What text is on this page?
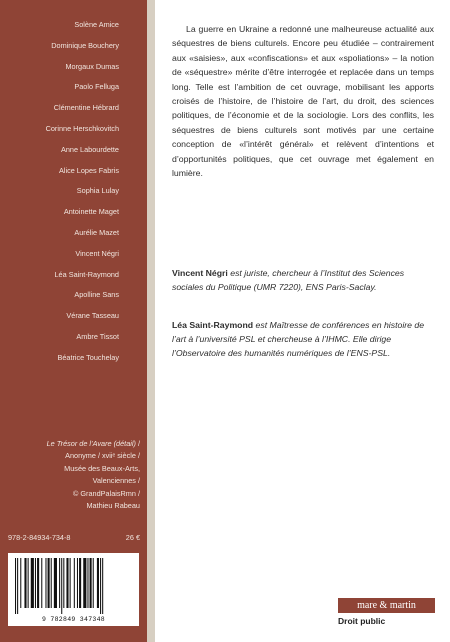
Solène Amice
Dominique Bouchery
Morgaux Dumas
Paolo Felluga
Clémentine Hébrard
Corinne Herschkovitch
Anne Labourdette
Alice Lopes Fabris
Sophia Lulay
Antoinette Maget
Aurélie Mazet
Vincent Négri
Léa Saint-Raymond
Apolline Sans
Vérane Tasseau
Ambre Tissot
Béatrice Touchelay
Le Trésor de l’Avare (détail) /
Anonyme / xviiᵉ siècle /
Musée des Beaux-Arts,
Valenciennes /
© GrandPalaisRmn /
Mathieu Rabeau
978-2-84934-734-8	26 €
9 782849 347348

La guerre en Ukraine a redonné une malheureuse actualité aux séquestres de biens culturels. Encore peu étudiée – contrairement aux «saisies», aux «confiscations» et aux «spoliations» – la notion de «séquestre» mérite d’être interrogée et replacée dans un temps long. Telle est l’ambition de cet ouvrage, mobilisant les apports croisés de l’histoire, de l’histoire de l’art, du droit, des sciences politiques, de l’économie et de la sociologie. Lors des conflits, les séquestres de biens culturels sont motivés par une certaine conception de «l’intérêt général» et relèvent d’intentions et d’opportunités politiques, que cet ouvrage met également en lumière.

Vincent Négri est juriste, chercheur à l’Institut des Sciences sociales du Politique (UMR 7220), ENS Paris-Saclay.

Léa Saint-Raymond est Maîtresse de conférences en histoire de l’art à l’université PSL et chercheuse à l’IHMC. Elle dirige l’Observatoire des humanités numériques de l’ENS-PSL.

mare & martin
Droit public
